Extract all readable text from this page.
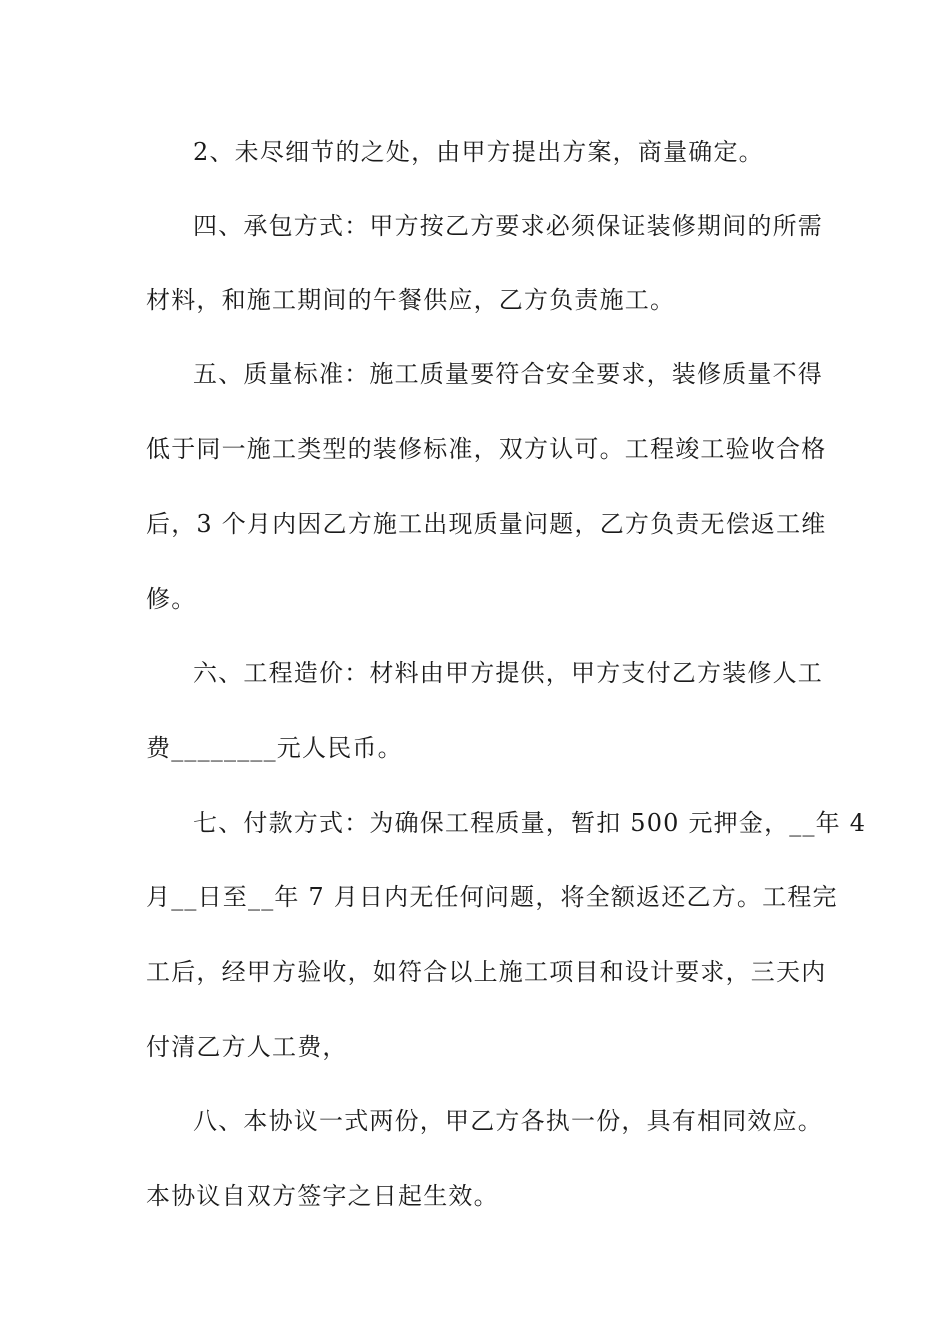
2、未尽细节的之处，由甲方提出方案，商量确定。
四、承包方式：甲方按乙方要求必须保证装修期间的所需
材料，和施工期间的午餐供应，乙方负责施工。
五、质量标准：施工质量要符合安全要求，装修质量不得
低于同一施工类型的装修标准，双方认可。工程竣工验收合格
后，3 个月内因乙方施工出现质量问题，乙方负责无偿返工维
修。
六、工程造价：材料由甲方提供，甲方支付乙方装修人工
费________元人民币。
七、付款方式：为确保工程质量，暂扣 500 元押金，__年 4
月__日至__年 7 月日内无任何问题，将全额返还乙方。工程完
工后，经甲方验收，如符合以上施工项目和设计要求，三天内
付清乙方人工费，
八、本协议一式两份，甲乙方各执一份，具有相同效应。
本协议自双方签字之日起生效。
